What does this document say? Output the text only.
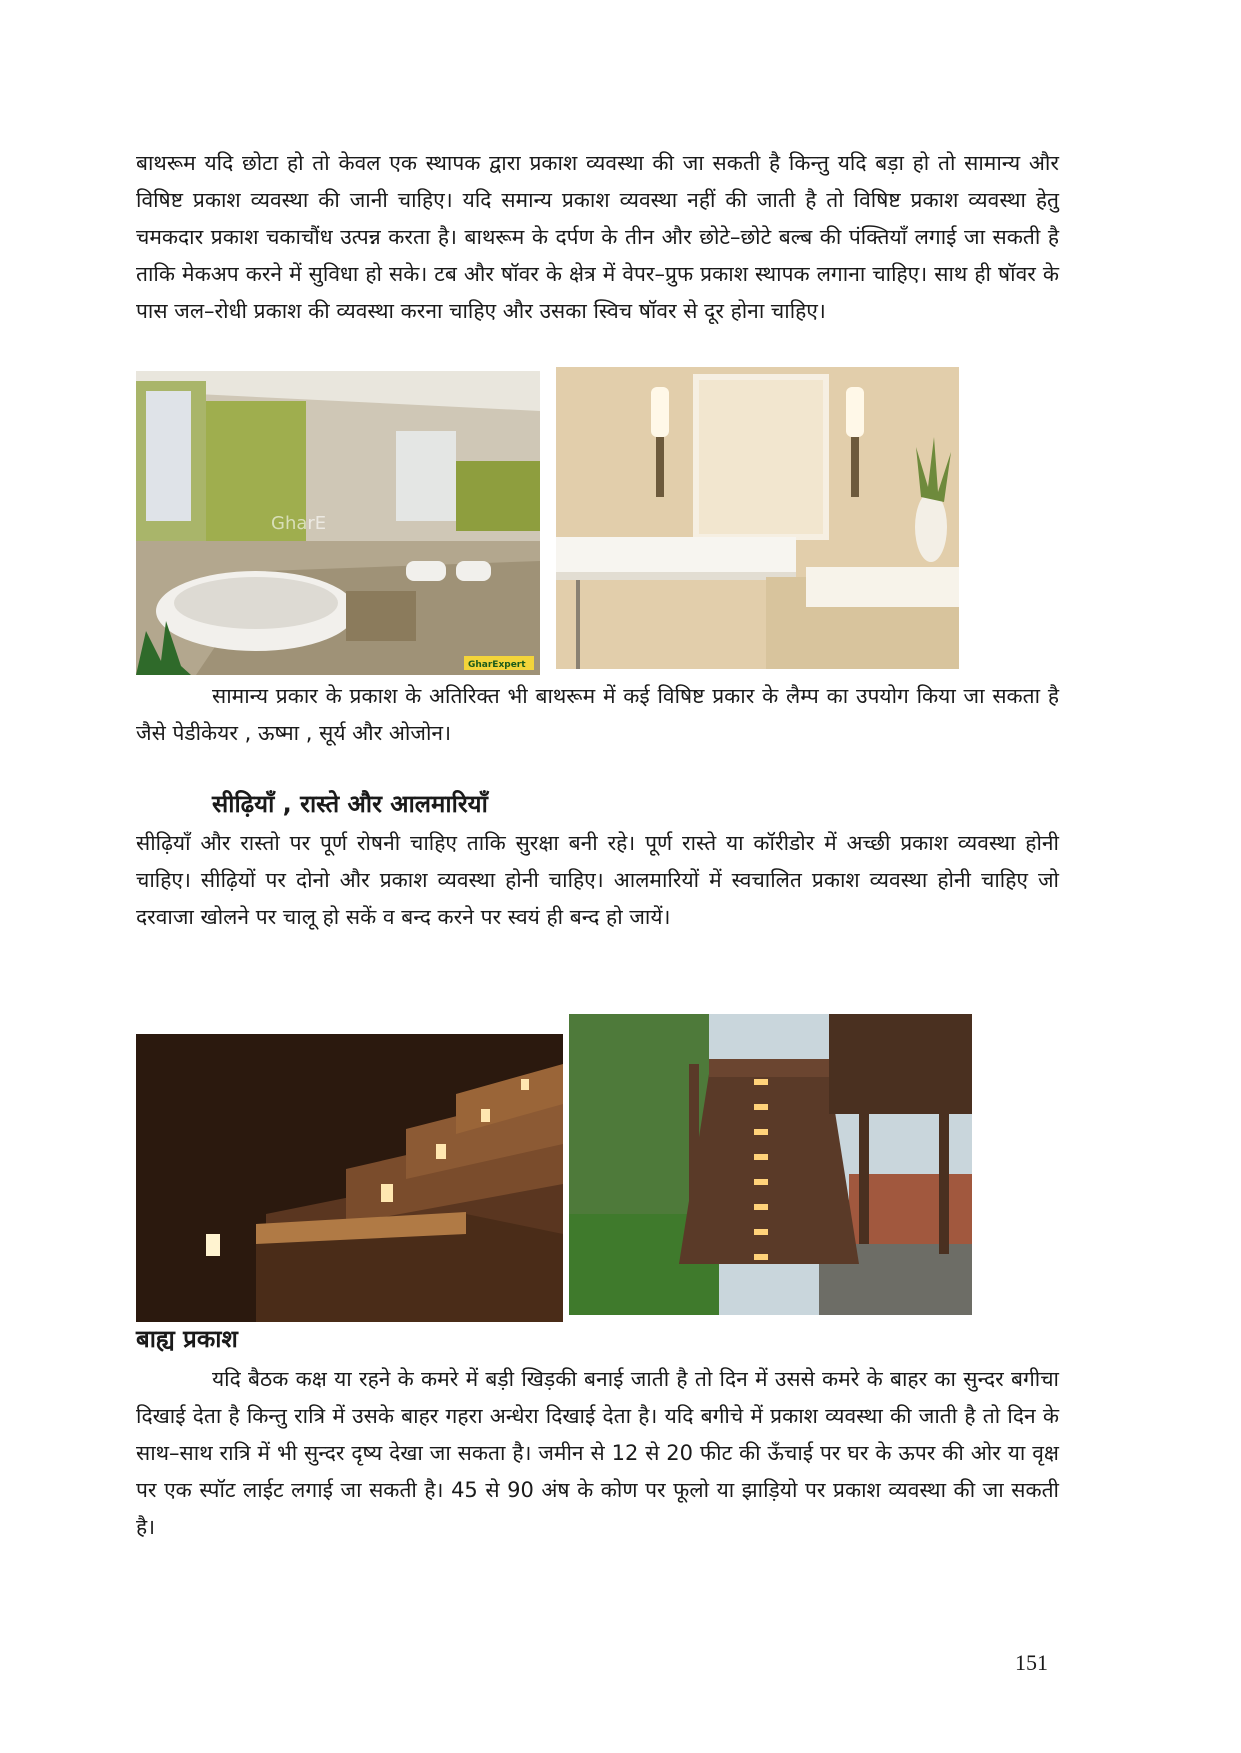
बाथरूम यदि छोटा हो तो केवल एक स्थापक द्वारा प्रकाश व्यवस्था की जा सकती है किन्तु यदि बड़ा हो तो सामान्य और विषिष्ट प्रकाश व्यवस्था की जानी चाहिए। यदि समान्य प्रकाश व्यवस्था नहीं की जाती है तो विषिष्ट प्रकाश व्यवस्था हेतु चमकदार प्रकाश चकाचौंध उत्पन्न करता है। बाथरूम के दर्पण के तीन और छोटे–छोटे बल्ब की पंक्तियाँ लगाई जा सकती है ताकि मेकअप करने में सुविधा हो सके। टब और षॉवर के क्षेत्र में वेपर–प्रुफ प्रकाश स्थापक लगाना चाहिए। साथ ही षॉवर के पास जल–रोधी प्रकाश की व्यवस्था करना चाहिए और उसका स्विच षॉवर से दूर होना चाहिए।

GharE
GharExpert

सामान्य प्रकार के प्रकाश के अतिरिक्त भी बाथरूम में कई विषिष्ट प्रकार के लैम्प का उपयोग किया जा सकता है जैसे पेडीकेयर , ऊष्मा , सूर्य और ओजोन।

सीढ़ियाँ , रास्ते और आलमारियाँ

सीढ़ियाँ और रास्तो पर पूर्ण रोषनी चाहिए ताकि सुरक्षा बनी रहे। पूर्ण रास्ते या कॉरीडोर में अच्छी प्रकाश व्यवस्था होनी चाहिए। सीढ़ियों पर दोनो और प्रकाश व्यवस्था होनी चाहिए। आलमारियों में स्वचालित प्रकाश व्यवस्था होनी चाहिए जो दरवाजा खोलने पर चालू हो सकें व बन्द करने पर स्वयं ही बन्द हो जायें।

बाह्य प्रकाश

यदि बैठक कक्ष या रहने के कमरे में बड़ी खिड़की बनाई जाती है तो दिन में उससे कमरे के बाहर का सुन्दर बगीचा दिखाई देता है किन्तु रात्रि में उसके बाहर गहरा अन्धेरा दिखाई देता है। यदि बगीचे में प्रकाश व्यवस्था की जाती है तो दिन के साथ–साथ रात्रि में भी सुन्दर दृष्य देखा जा सकता है। जमीन से 12 से 20 फीट की ऊँचाई पर घर के ऊपर की ओर या वृक्ष पर एक स्पॉट लाईट लगाई जा सकती है। 45 से 90 अंष के कोण पर फूलो या झाड़ियो पर प्रकाश व्यवस्था की जा सकती है।

151
